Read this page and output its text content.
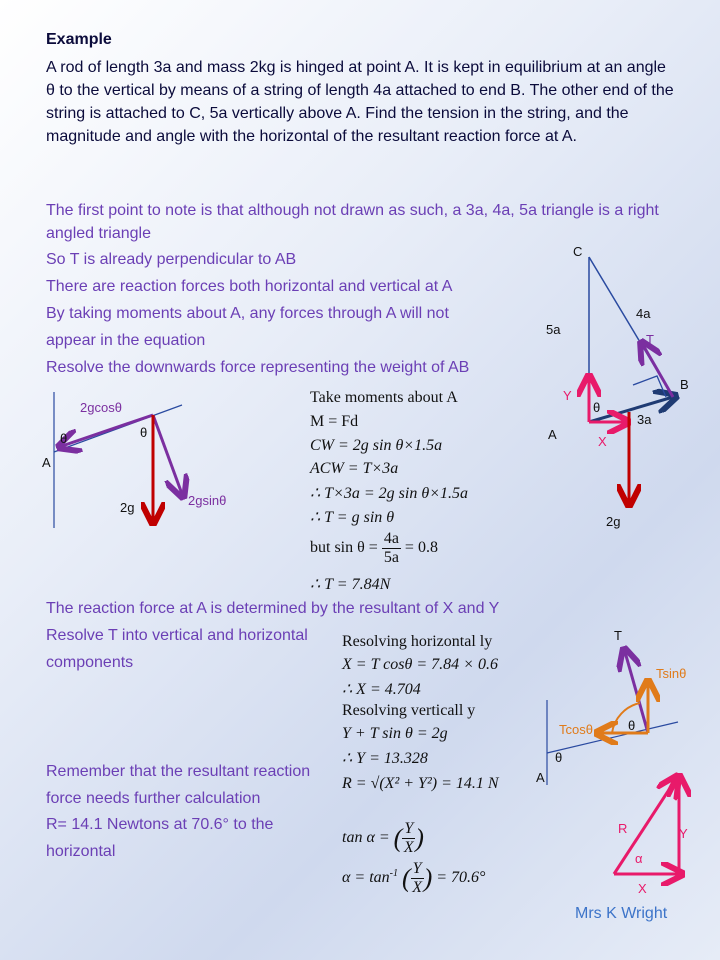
Example
A rod of length 3a and mass 2kg is hinged at point A. It is kept in equilibrium at an angle θ to the vertical by means of a string of length 4a attached to end B. The other end of the string is attached to C, 5a vertically above A. Find the tension in the string, and the magnitude and angle with the horizontal of the resultant reaction force at A.
The first point to note is that although not drawn as such, a 3a, 4a, 5a triangle is a right angled triangle
So T is already perpendicular to AB
There are reaction forces both horizontal and vertical at A
By taking moments about A, any forces through A will not
appear in the equation
Resolve the downwards force representing the weight of AB
The reaction force at A is determined by the resultant of X and Y
Resolve T into vertical and horizontal
components
Remember that the resultant reaction
force needs further calculation
R= 14.1 Newtons at 70.6° to the
horizontal
Take moments about A
M = Fd
CW = 2g sin θ×1.5a
ACW = T×3a
∴ T×3a = 2g sin θ×1.5a
∴ T = g sin θ
but $\sin \theta = \frac{4a}{5a} = 0.8$
∴ T = 7.84N
Resolving horizontal ly
X = T cosθ = 7.84 × 0.6
∴ X = 4.704
Resolving verticall y
Y + T sin θ = 2g
∴ Y = 13.328
R = √(X² + Y²) = 14.1 N
tan α = ( $\frac{Y}{X}$ )
$\alpha = \tan^{-1}$ ( $\frac{Y}{X}$ ) = 70.6°
2gcosθ
θ	θ
A
2g	2gsinθ
C
4a
5a
T
B
Y
θ
3a
A	X
2g
T
Tsinθ
Tcosθ	θ
θ
A
R
α
Y
X
Mrs K Wright
